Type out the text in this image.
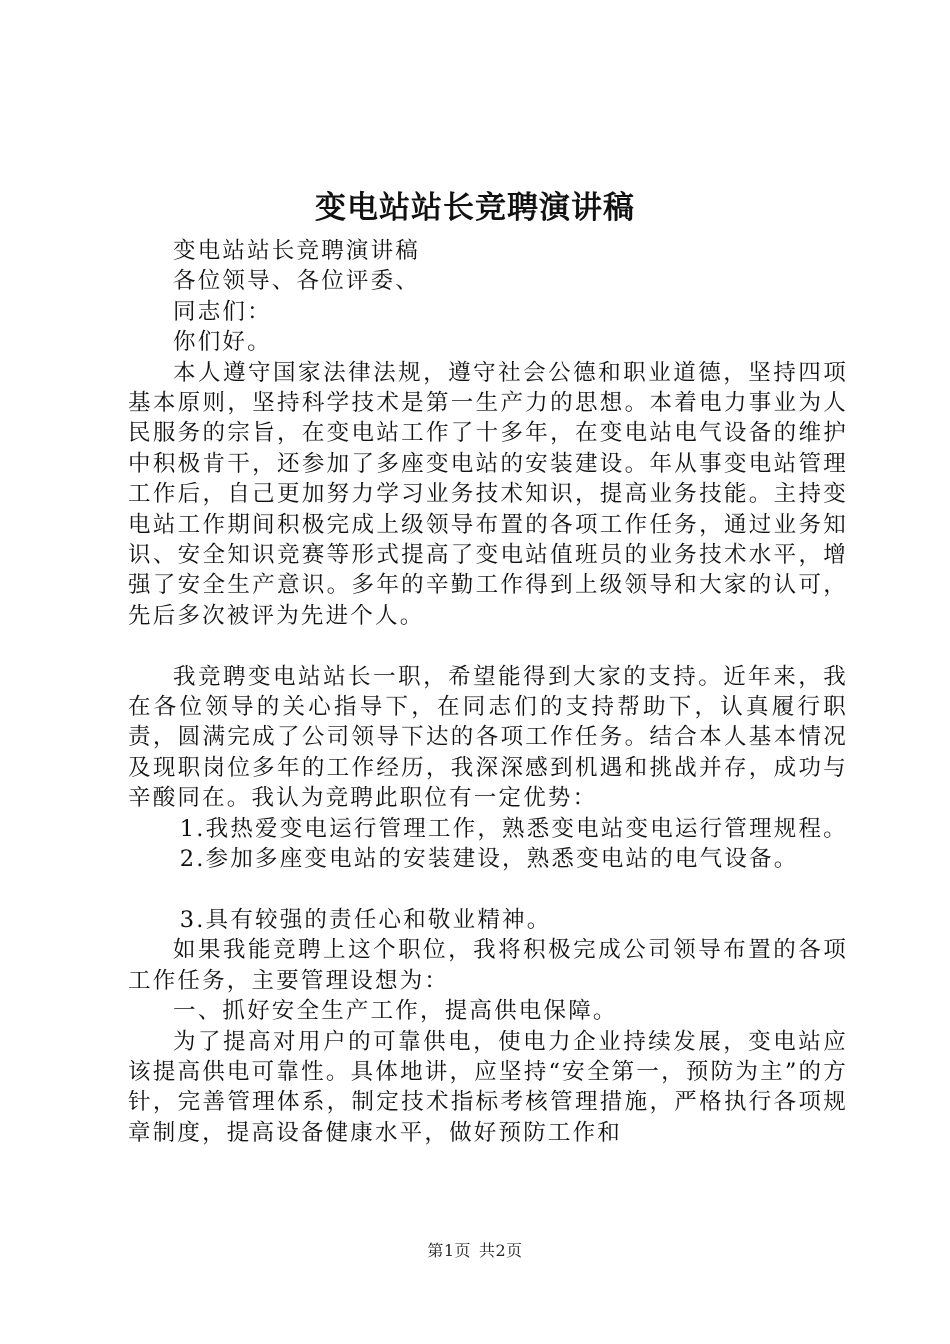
变电站站长竞聘演讲稿

变电站站长竞聘演讲稿

各位领导、各位评委、

同志们：

你们好。

本人遵守国家法律法规，遵守社会公德和职业道德，坚持四项基本原则，坚持科学技术是第一生产力的思想。本着电力事业为人民服务的宗旨，在变电站工作了十多年，在变电站电气设备的维护中积极肯干，还参加了多座变电站的安装建设。年从事变电站管理工作后，自己更加努力学习业务技术知识，提高业务技能。主持变电站工作期间积极完成上级领导布置的各项工作任务，通过业务知识、安全知识竞赛等形式提高了变电站值班员的业务技术水平，增强了安全生产意识。多年的辛勤工作得到上级领导和大家的认可，先后多次被评为先进个人。

我竞聘变电站站长一职，希望能得到大家的支持。近年来，我在各位领导的关心指导下，在同志们的支持帮助下，认真履行职责，圆满完成了公司领导下达的各项工作任务。结合本人基本情况及现职岗位多年的工作经历，我深深感到机遇和挑战并存，成功与辛酸同在。我认为竞聘此职位有一定优势：

1.我热爱变电运行管理工作，熟悉变电站变电运行管理规程。

2.参加多座变电站的安装建设，熟悉变电站的电气设备。

3.具有较强的责任心和敬业精神。

如果我能竞聘上这个职位，我将积极完成公司领导布置的各项工作任务，主要管理设想为：

一、抓好安全生产工作，提高供电保障。

为了提高对用户的可靠供电，使电力企业持续发展，变电站应该提高供电可靠性。具体地讲，应坚持“安全第一，预防为主”的方针，完善管理体系，制定技术指标考核管理措施，严格执行各项规章制度，提高设备健康水平，做好预防工作和

第1页 共2页
